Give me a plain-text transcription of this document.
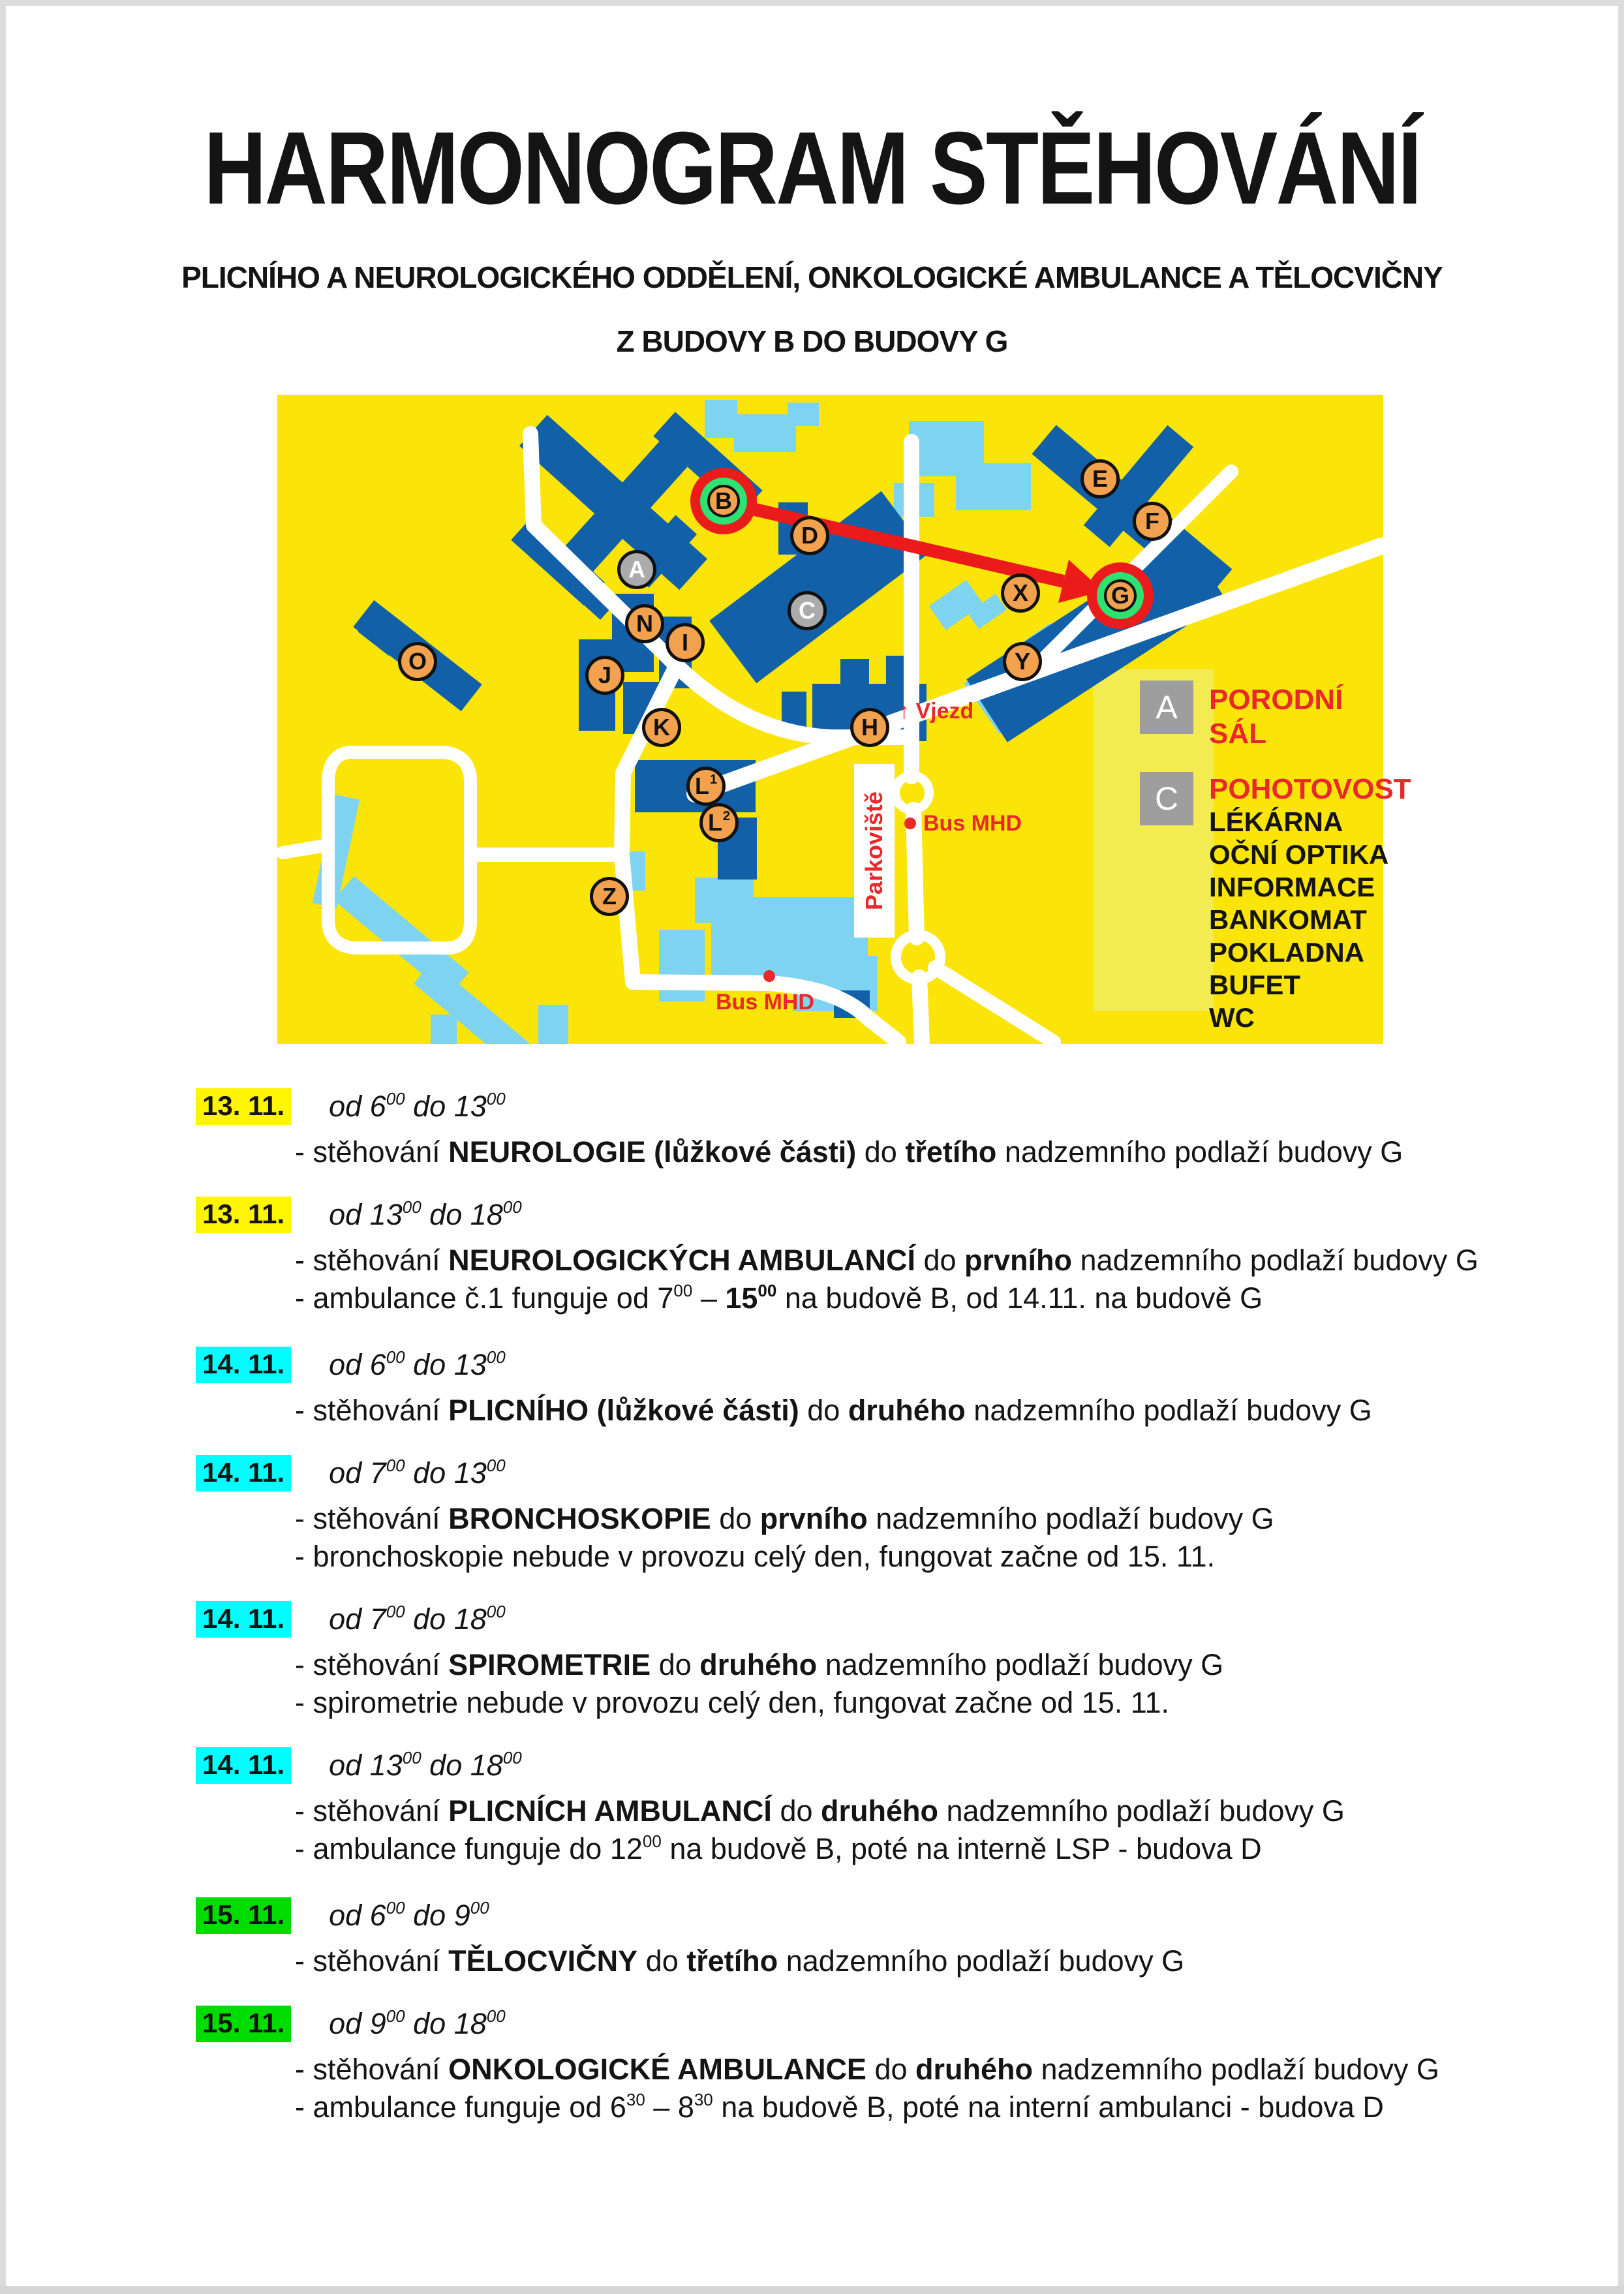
HARMONOGRAM STĚHOVÁNÍ
PLICNÍHO A NEUROLOGICKÉHO ODDĚLENÍ, ONKOLOGICKÉ AMBULANCE A TĚLOCVIČNY
Z BUDOVY B DO BUDOVY G
B
D
A
C
N
I
J
O
K
$L^1$
$L^2$
Z
H
E
F
X	G
Y
↑ Vjezd
Parkoviště Bus MHD
Bus MHD
A	PORODNÍ
SÁL
C	POHOTOVOST
LÉKÁRNA
OČNÍ OPTIKA
INFORMACE
BANKOMAT
POKLADNA
BUFET
WC
13. 11. od $6^{00}$ do $13^{00}$
- stěhování NEUROLOGIE (lůžkové části) do třetího nadzemního podlaží budovy G
13. 11. od $13^{00}$ do $18^{00}$
- stěhování NEUROLOGICKÝCH AMBULANCÍ do prvního nadzemního podlaží budovy G
- ambulance č.1 funguje od $7^{00} - 15^{00}$ na budově B, od 14.11. na budově G
14. 11. od $6^{00}$ do $13^{00}$
- stěhování PLICNÍHO (lůžkové části) do druhého nadzemního podlaží budovy G
14. 11. od $7^{00}$ do $13^{00}$
- stěhování BRONCHOSKOPIE do prvního nadzemního podlaží budovy G
- bronchoskopie nebude v provozu celý den, fungovat začne od 15. 11.
14. 11. od $7^{00}$ do $18^{00}$
- stěhování SPIROMETRIE do druhého nadzemního podlaží budovy G
- spirometrie nebude v provozu celý den, fungovat začne od 15. 11.
14. 11. od $13^{00}$ do $18^{00}$
- stěhování PLICNÍCH AMBULANCÍ do druhého nadzemního podlaží budovy G
- ambulance funguje do $12^{00}$ na budově B, poté na interně LSP - budova D
15. 11. od $6^{00}$ do $9^{00}$
- stěhování TĚLOCVIČNY do třetího nadzemního podlaží budovy G
15. 11. od $9^{00}$ do $18^{00}$
- stěhování ONKOLOGICKÉ AMBULANCE do druhého nadzemního podlaží budovy G
- ambulance funguje od $6^{30} - 8^{30}$ na budově B, poté na interní ambulanci - budova D
